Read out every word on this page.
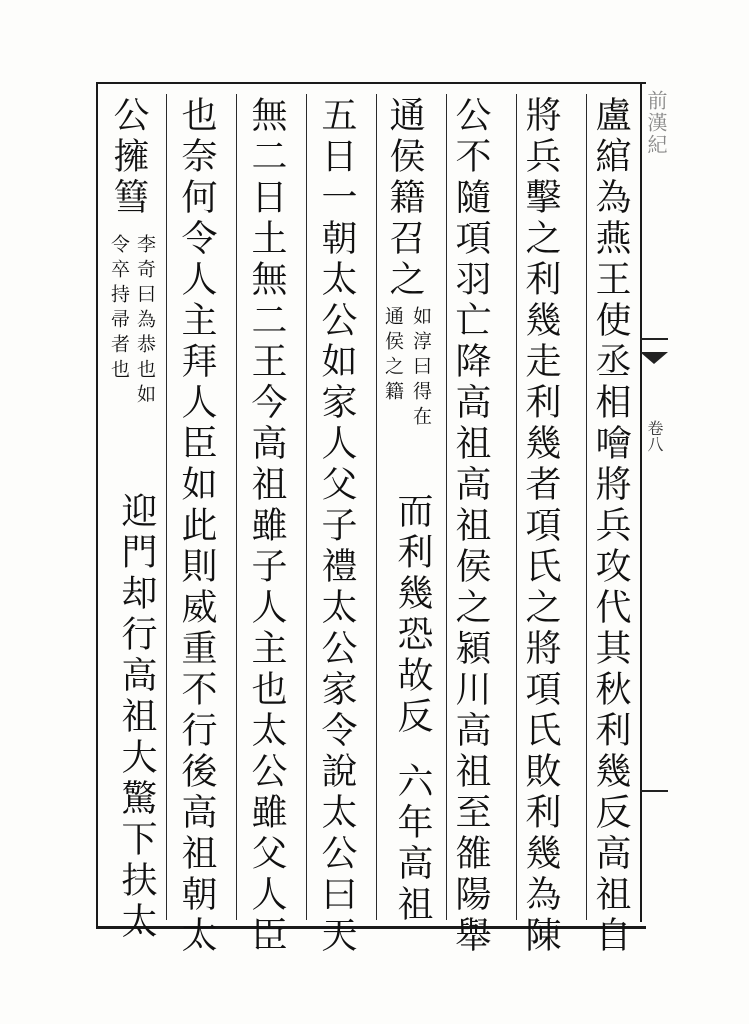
前漢紀
卷八
盧綰為燕王使丞相噲將兵攻代其秋利幾反高祖自
將兵擊之利幾走利幾者項氏之將項氏敗利幾為陳
公不隨項羽亡降高祖高祖侯之潁川高祖至雒陽舉
通侯籍召之
如淳曰得在
通侯之籍
而利幾恐故反
六年高祖
五日一朝太公如家人父子禮太公家令說太公曰天
無二日土無二王今高祖雖子人主也太公雖父人臣
也奈何令人主拜人臣如此則威重不行後高祖朝太
公擁篲
李奇曰為恭也如
令卒持帚者也
迎門却行高祖大驚下扶太
